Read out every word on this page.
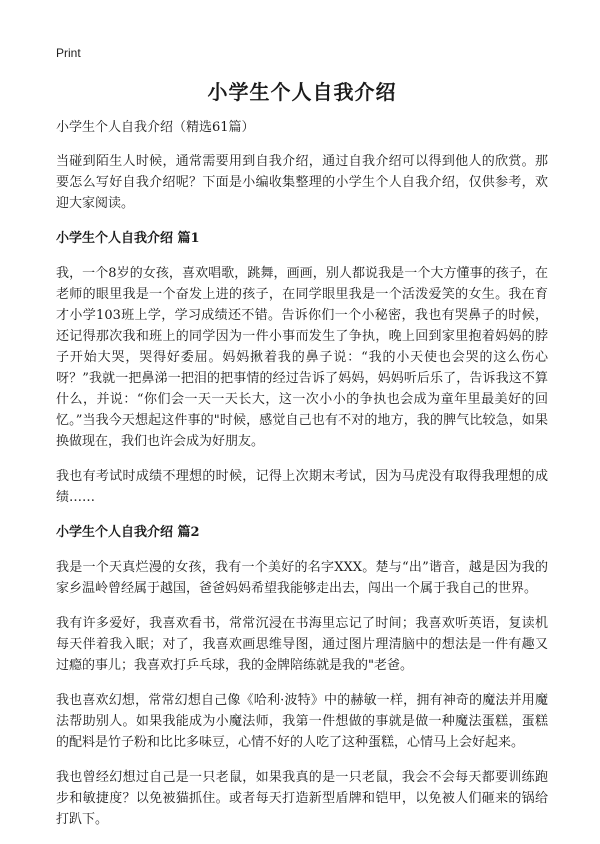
Print
小学生个人自我介绍

小学生个人自我介绍（精选61篇）

当碰到陌生人时候，通常需要用到自我介绍，通过自我介绍可以得到他人的欣赏。那要怎么写好自我介绍呢？下面是小编收集整理的小学生个人自我介绍，仅供参考，欢迎大家阅读。

小学生个人自我介绍 篇1

我，一个8岁的女孩，喜欢唱歌，跳舞，画画，别人都说我是一个大方懂事的孩子，在老师的眼里我是一个奋发上进的孩子，在同学眼里我是一个活泼爱笑的女生。我在育才小学103班上学，学习成绩还不错。告诉你们一个小秘密，我也有哭鼻子的时候，还记得那次我和班上的同学因为一件小事而发生了争执，晚上回到家里抱着妈妈的脖子开始大哭，哭得好委屈。妈妈揪着我的鼻子说：“我的小天使也会哭的这么伤心呀？”我就一把鼻涕一把泪的把事情的经过告诉了妈妈，妈妈听后乐了，告诉我这不算什么，并说：“你们会一天一天长大，这一次小小的争执也会成为童年里最美好的回忆。”当我今天想起这件事的"时候，感觉自己也有不对的地方，我的脾气比较急，如果换做现在，我们也许会成为好朋友。

我也有考试时成绩不理想的时候，记得上次期末考试，因为马虎没有取得我理想的成绩……

小学生个人自我介绍 篇2

我是一个天真烂漫的女孩，我有一个美好的名字XXX。楚与“出”谐音，越是因为我的家乡温岭曾经属于越国，爸爸妈妈希望我能够走出去，闯出一个属于我自己的世界。

我有许多爱好，我喜欢看书，常常沉浸在书海里忘记了时间；我喜欢听英语，复读机每天伴着我入眠；对了，我喜欢画思维导图，通过图片理清脑中的想法是一件有趣又过瘾的事儿；我喜欢打乒乓球，我的金牌陪练就是我的"老爸。

我也喜欢幻想，常常幻想自己像《哈利·波特》中的赫敏一样，拥有神奇的魔法并用魔法帮助别人。如果我能成为小魔法师，我第一件想做的事就是做一种魔法蛋糕，蛋糕的配料是竹子粉和比比多味豆，心情不好的人吃了这种蛋糕，心情马上会好起来。

我也曾经幻想过自己是一只老鼠，如果我真的是一只老鼠，我会不会每天都要训练跑步和敏捷度？以免被猫抓住。或者每天打造新型盾牌和铠甲，以免被人们砸来的锅给打趴下。
